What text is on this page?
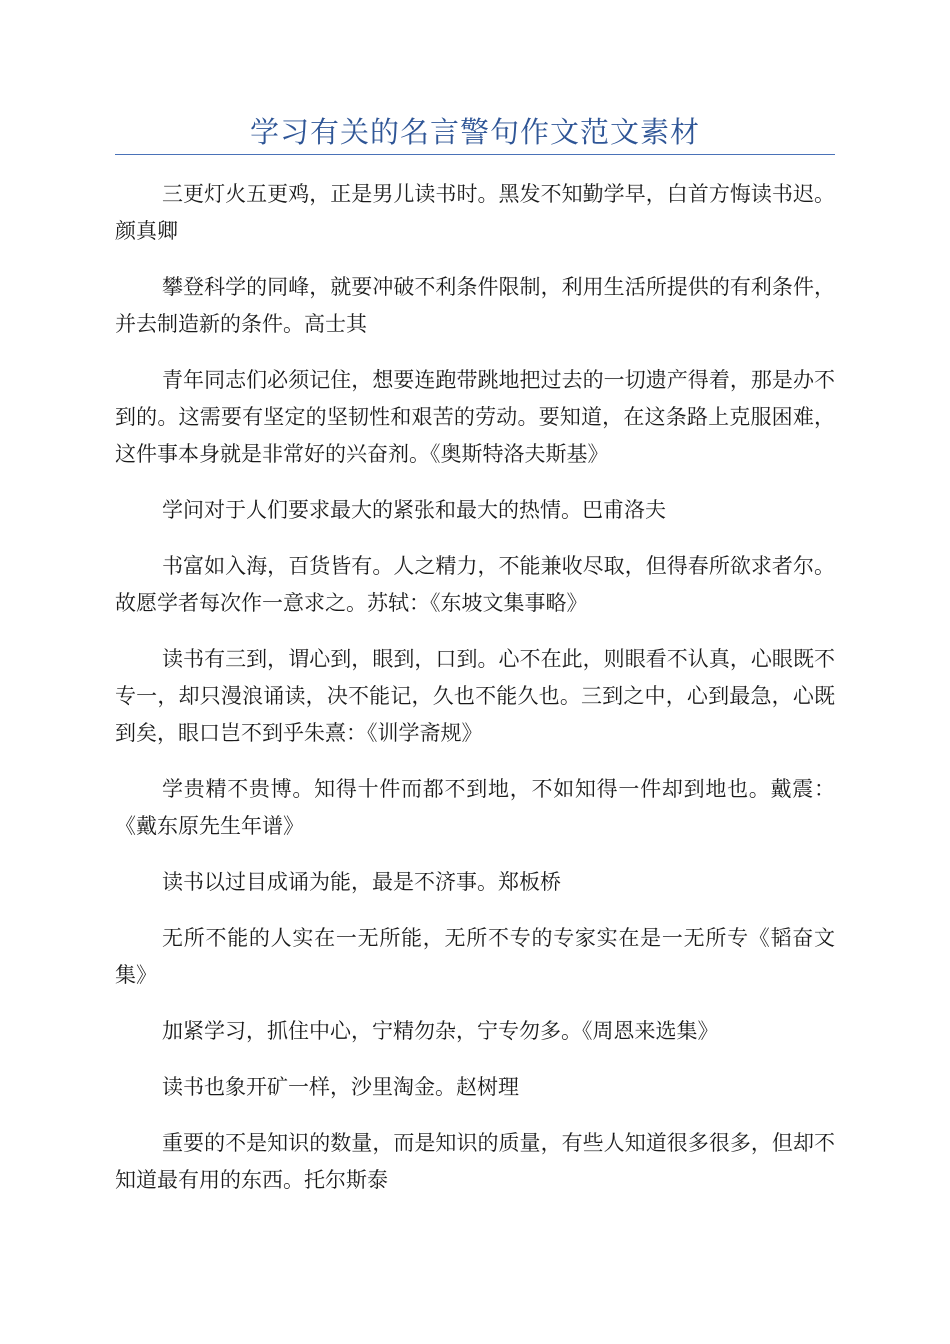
学习有关的名言警句作文范文素材

三更灯火五更鸡，正是男儿读书时。黑发不知勤学早，白首方悔读书迟。颜真卿

攀登科学的同峰，就要冲破不利条件限制，利用生活所提供的有利条件，并去制造新的条件。高士其

青年同志们必须记住，想要连跑带跳地把过去的一切遗产得着，那是办不到的。这需要有坚定的坚韧性和艰苦的劳动。要知道，在这条路上克服困难，这件事本身就是非常好的兴奋剂。《奥斯特洛夫斯基》

学问对于人们要求最大的紧张和最大的热情。巴甫洛夫

书富如入海，百货皆有。人之精力，不能兼收尽取，但得春所欲求者尔。故愿学者每次作一意求之。苏轼：《东坡文集事略》

读书有三到，谓心到，眼到，口到。心不在此，则眼看不认真，心眼既不专一，却只漫浪诵读，决不能记，久也不能久也。三到之中，心到最急，心既到矣，眼口岂不到乎朱熹：《训学斋规》

学贵精不贵博。知得十件而都不到地，不如知得一件却到地也。戴震：《戴东原先生年谱》

读书以过目成诵为能，最是不济事。郑板桥

无所不能的人实在一无所能，无所不专的专家实在是一无所专《韬奋文集》

加紧学习，抓住中心，宁精勿杂，宁专勿多。《周恩来选集》

读书也象开矿一样，沙里淘金。赵树理

重要的不是知识的数量，而是知识的质量，有些人知道很多很多，但却不知道最有用的东西。托尔斯泰
